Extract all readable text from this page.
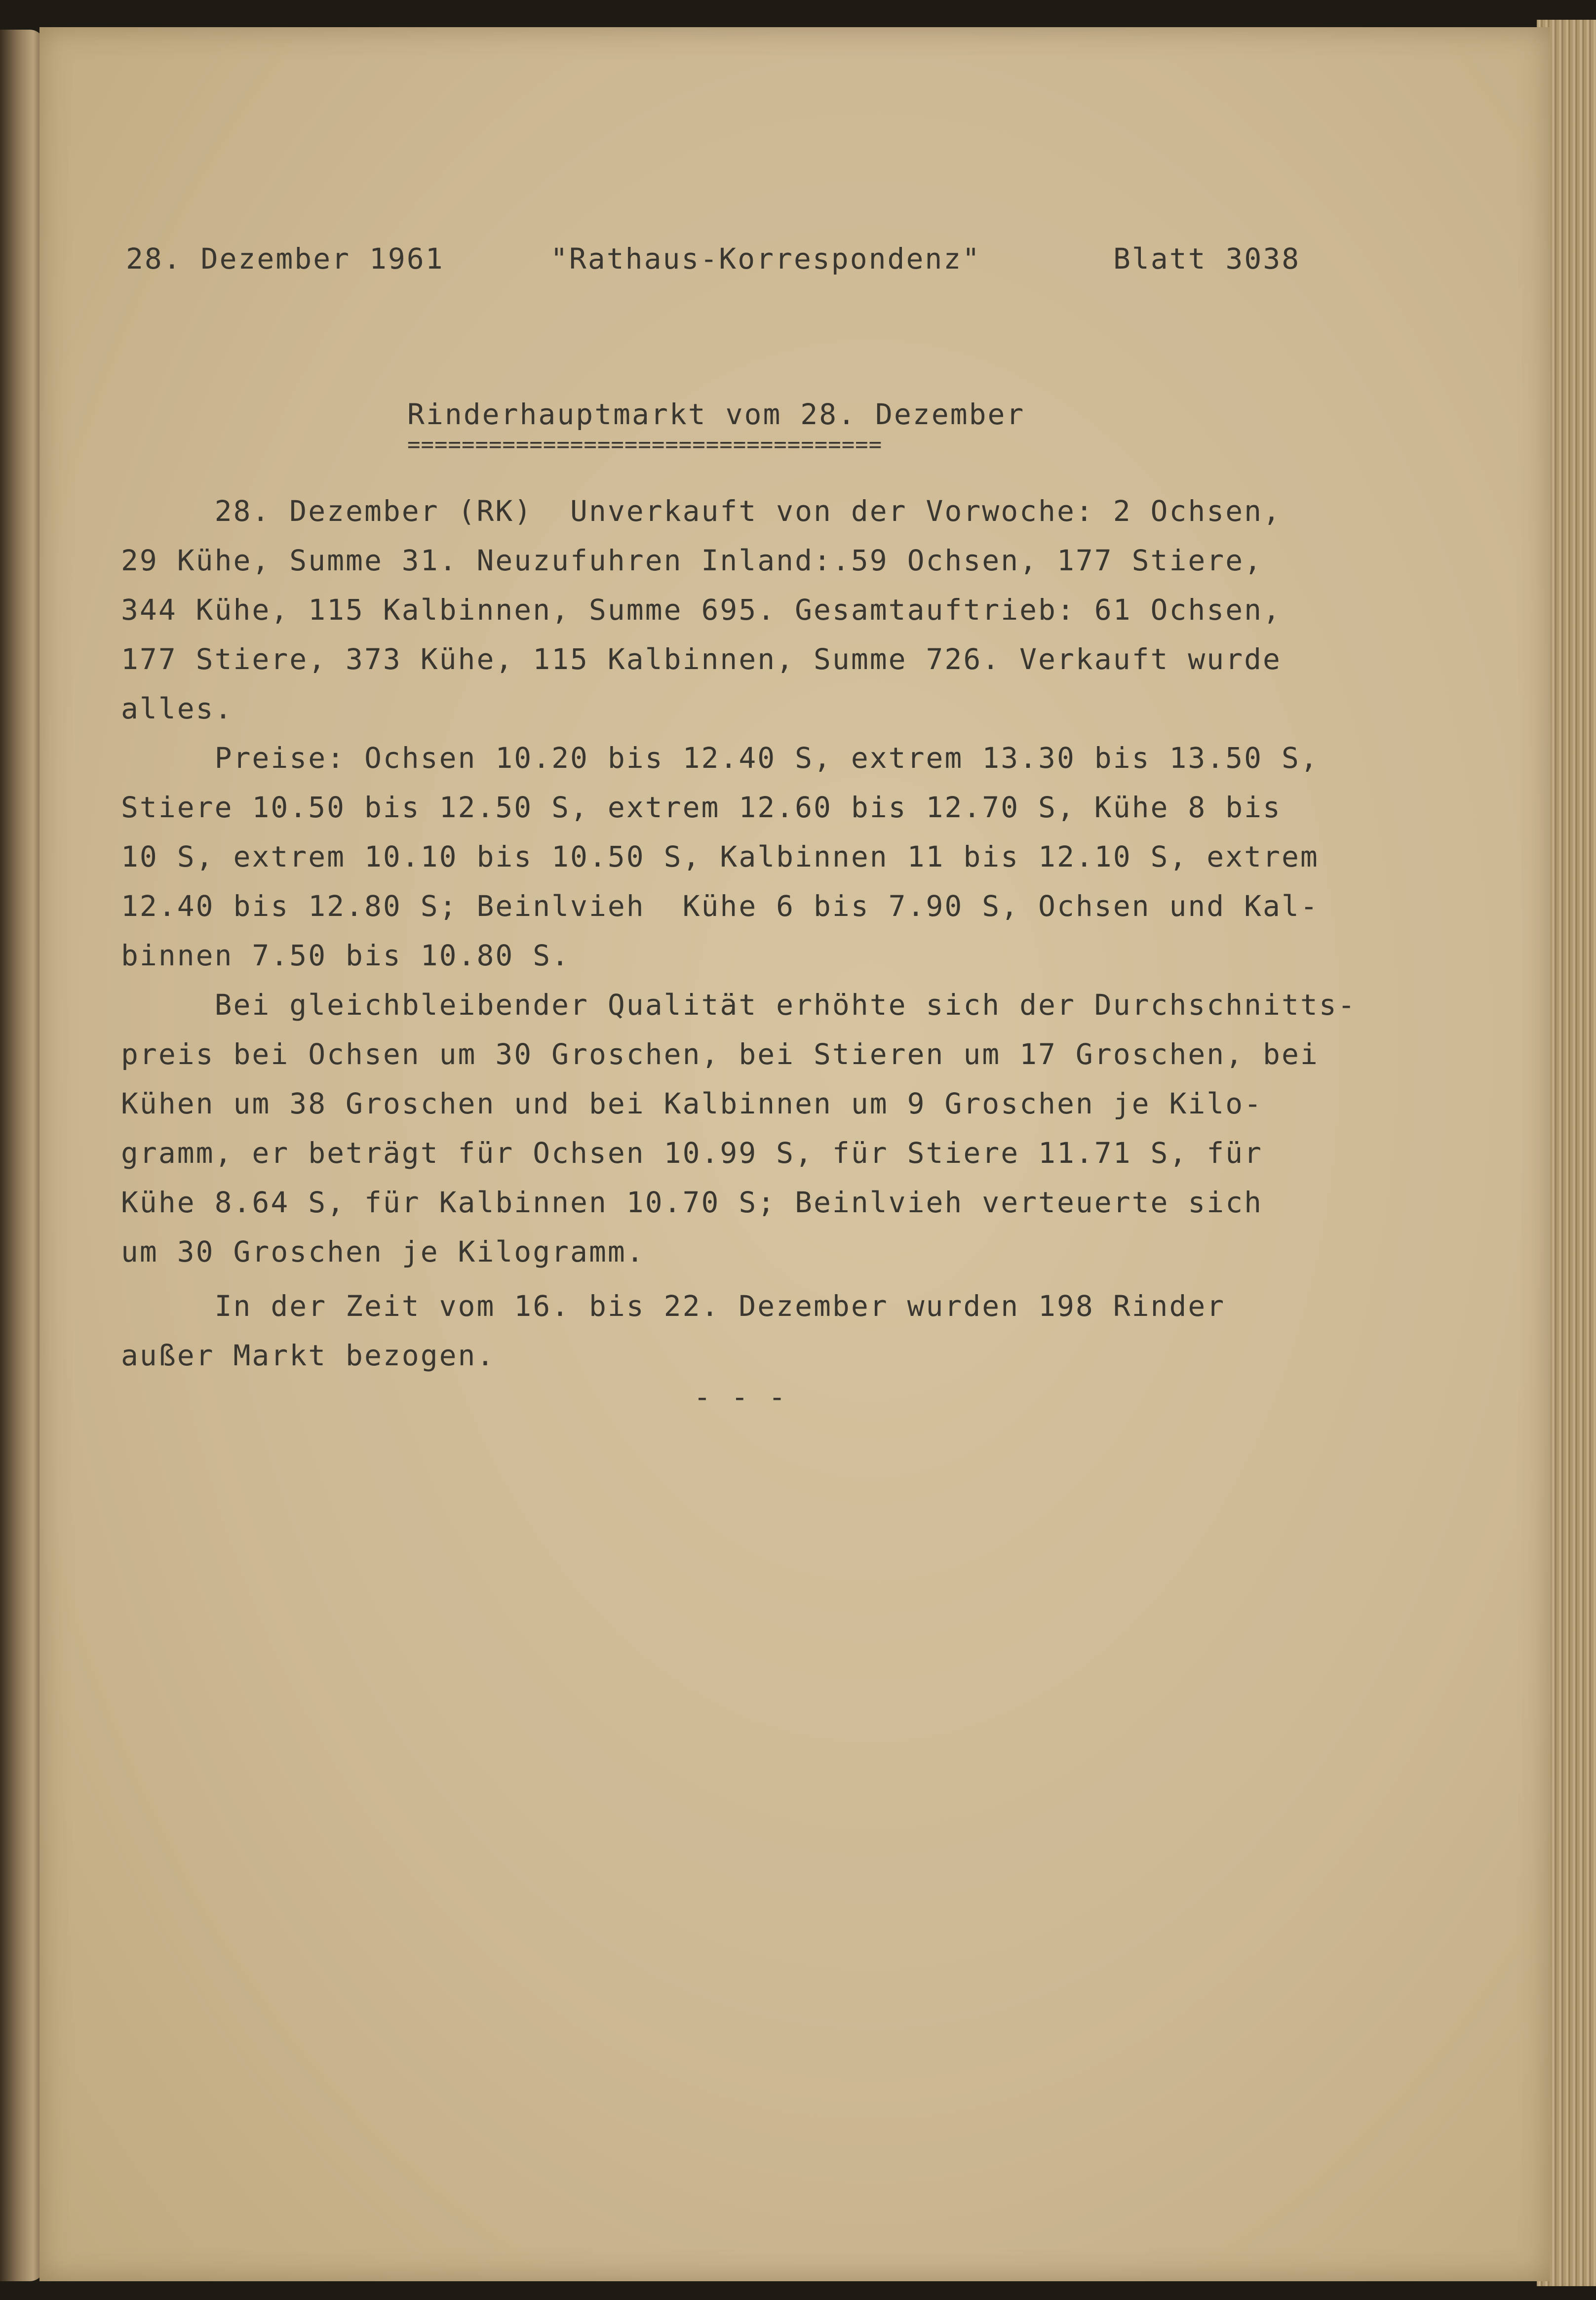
28. Dezember 1961

	"Rathaus-Korrespondenz"

	Blatt 3038

Rinderhauptmarkt vom 28. Dezember
===================================

28. Dezember (RK)  Unverkauft von der Vorwoche: 2 Ochsen,
29 Kühe, Summe 31. Neuzufuhren Inland:.59 Ochsen, 177 Stiere,
344 Kühe, 115 Kalbinnen, Summe 695. Gesamtauftrieb: 61 Ochsen,
177 Stiere, 373 Kühe, 115 Kalbinnen, Summe 726. Verkauft wurde
alles.

Preise: Ochsen 10.20 bis 12.40 S, extrem 13.30 bis 13.50 S,
Stiere 10.50 bis 12.50 S, extrem 12.60 bis 12.70 S, Kühe 8 bis
10 S, extrem 10.10 bis 10.50 S, Kalbinnen 11 bis 12.10 S, extrem
12.40 bis 12.80 S; Beinlvieh  Kühe 6 bis 7.90 S, Ochsen und Kal-
binnen 7.50 bis 10.80 S.

Bei gleichbleibender Qualität erhöhte sich der Durchschnitts-
preis bei Ochsen um 30 Groschen, bei Stieren um 17 Groschen, bei
Kühen um 38 Groschen und bei Kalbinnen um 9 Groschen je Kilo-
gramm, er beträgt für Ochsen 10.99 S, für Stiere 11.71 S, für
Kühe 8.64 S, für Kalbinnen 10.70 S; Beinlvieh verteuerte sich
um 30 Groschen je Kilogramm.

In der Zeit vom 16. bis 22. Dezember wurden 198 Rinder
außer Markt bezogen.

- - -
